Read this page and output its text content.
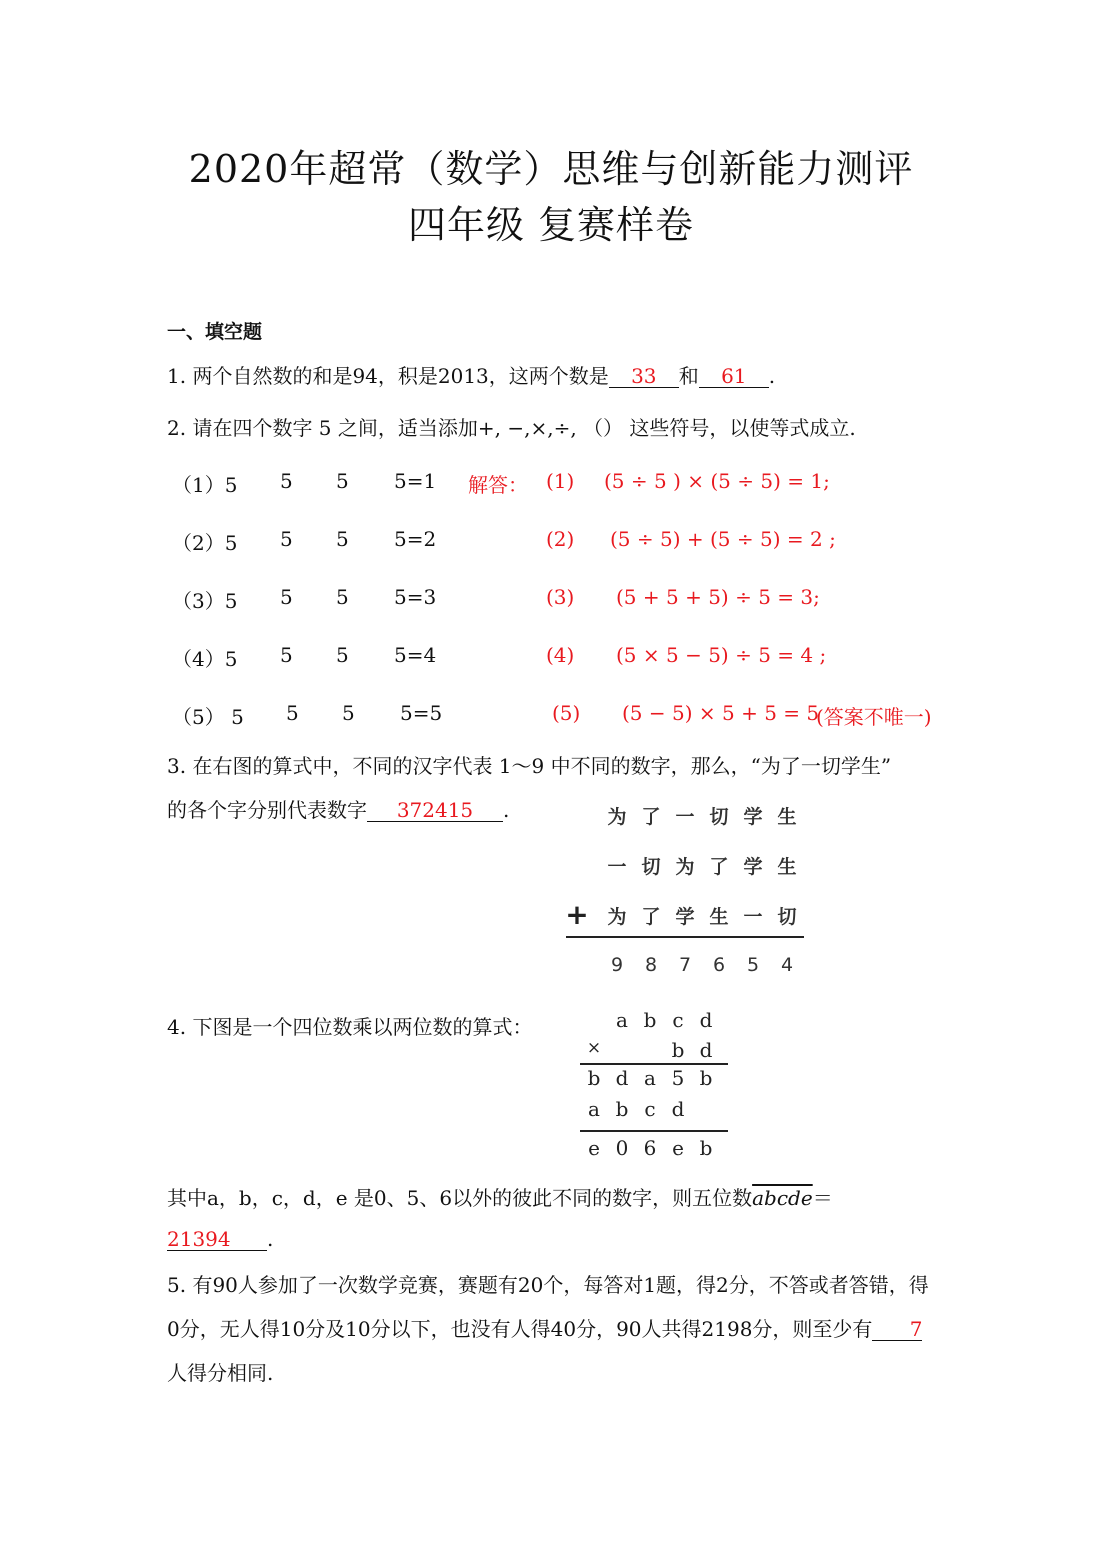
2020年超常（数学）思维与创新能力测评
四年级 复赛样卷
一、填空题
1. 两个自然数的和是94，积是2013，这两个数是 33 和 61 .
2. 请在四个数字 5 之间，适当添加+, −,×,÷, （） 这些符号，以使等式成立.
（1）5 5 5 5=1 解答： (1) (5 ÷ 5 ) × (5 ÷ 5) = 1;
（2）5 5 5 5=2	(2) (5 ÷ 5) + (5 ÷ 5) = 2 ;
（3）5 5 5 5=3	(3) (5 + 5 + 5) ÷ 5 = 3;
（4）5 5 5 5=4	(4) (5 × 5 − 5) ÷ 5 = 4 ;
（5） 5 5 5 5=5	(5) (5 − 5) × 5 + 5 = 5
(答案不唯一)
3. 在右图的算式中，不同的汉字代表 1～9 中不同的数字，那么，“为了一切学生”
的各个字分别代表数字 372415 .	为 了 一 切 学 生
一 切 为 了 学 生
+ 为 了 学 生 一 切
9	8	7	6	5	4
4. 下图是一个四位数乘以两位数的算式：	a b c d
×	b d
b d a 5 b
a b c d
e 0 6 e b
其中a，b，c，d，e 是0、5、6以外的彼此不同的数字，则五位数abcde＝
21394 .
5. 有90人参加了一次数学竞赛，赛题有20个，每答对1题，得2分，不答或者答错，得
0分，无人得10分及10分以下，也没有人得40分，90人共得2198分，则至少有 7
人得分相同.
